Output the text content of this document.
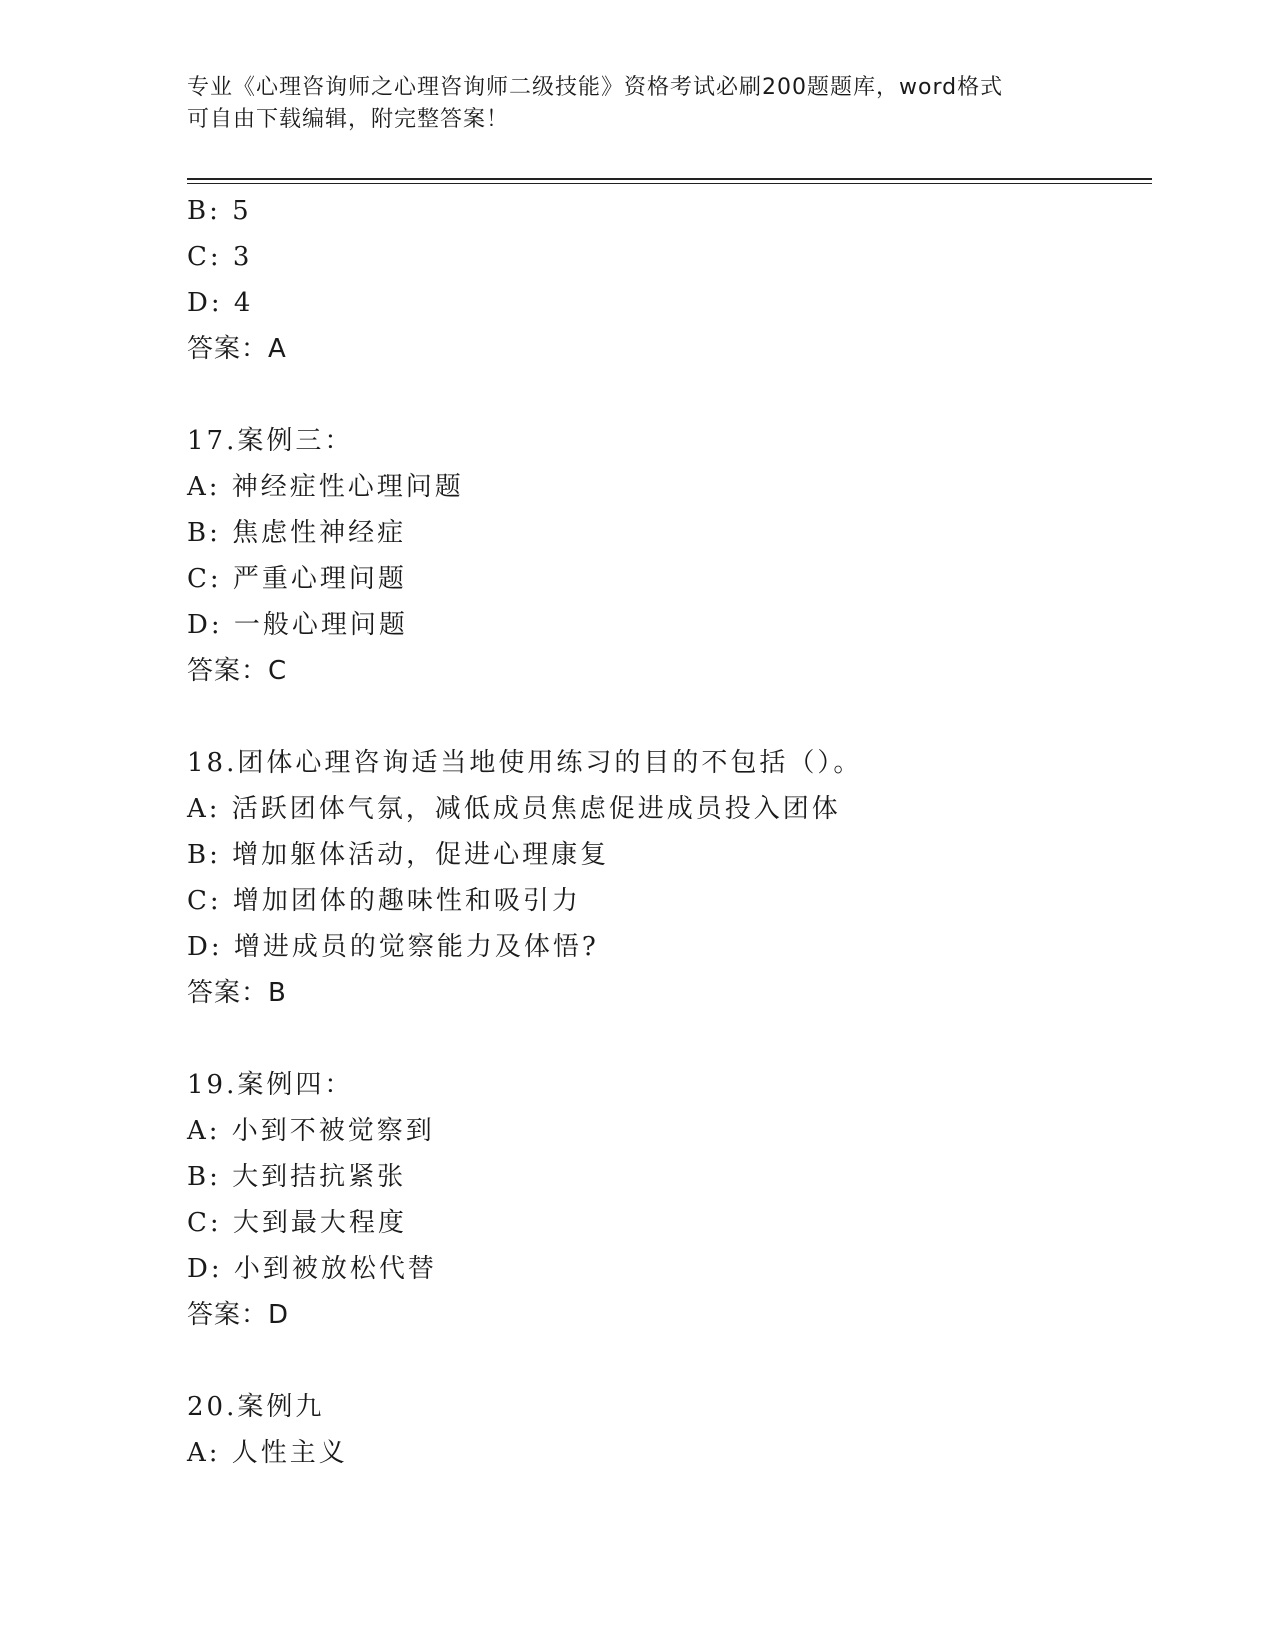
专业《心理咨询师之心理咨询师二级技能》资格考试必刷200题题库，word格式
可自由下载编辑，附完整答案！
B: 5
C: 3
D: 4
答案：A
17.案例三：
A: 神经症性心理问题
B: 焦虑性神经症
C: 严重心理问题
D: 一般心理问题
答案：C
18.团体心理咨询适当地使用练习的目的不包括（）。
A: 活跃团体气氛，减低成员焦虑促进成员投入团体
B: 增加躯体活动，促进心理康复
C: 增加团体的趣味性和吸引力
D: 增进成员的觉察能力及体悟?
答案：B
19.案例四：
A: 小到不被觉察到
B: 大到拮抗紧张
C: 大到最大程度
D: 小到被放松代替
答案：D
20.案例九
A: 人性主义
